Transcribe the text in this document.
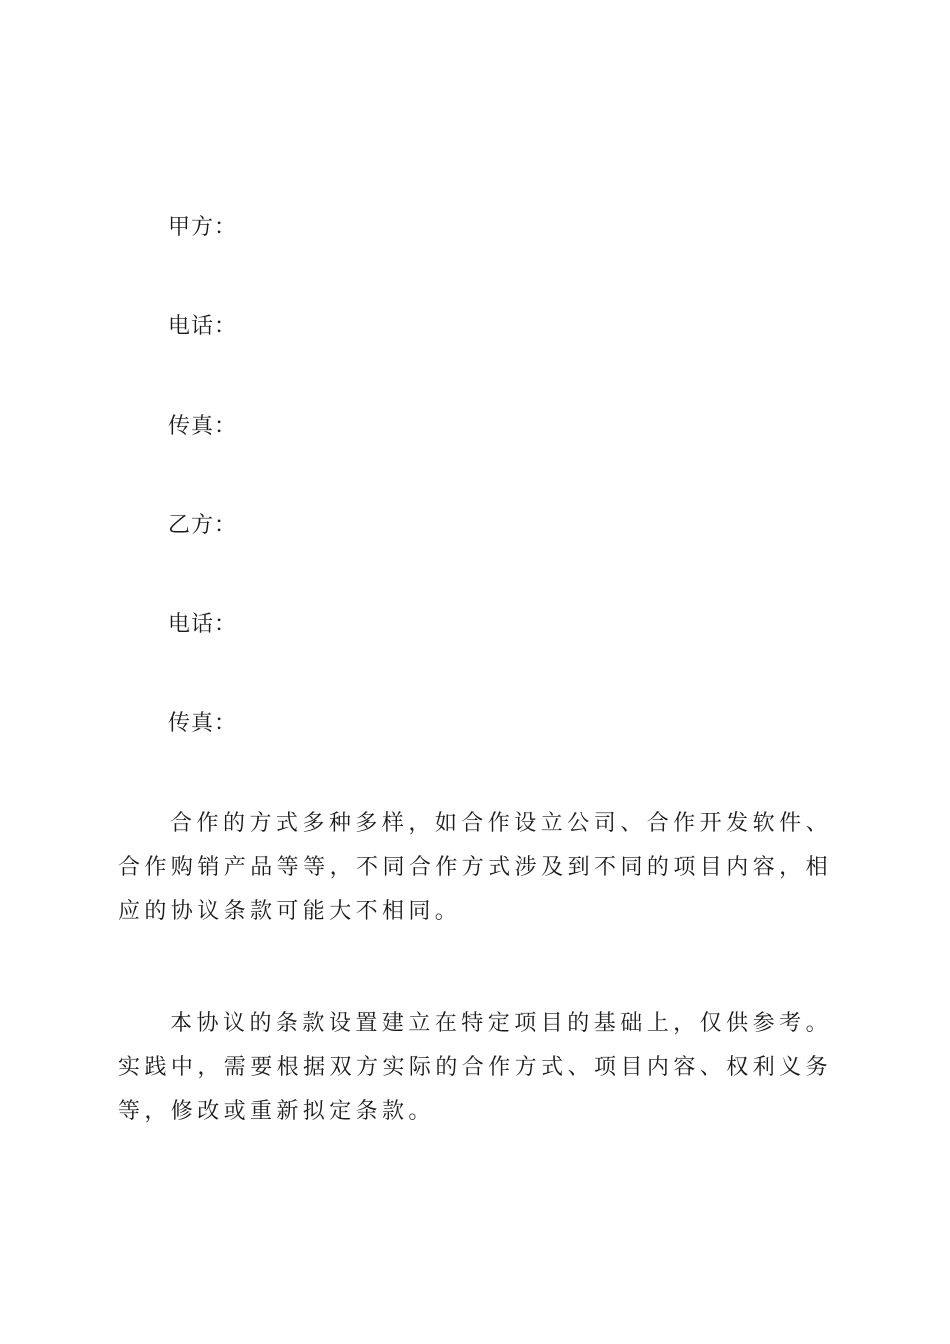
甲方：
电话：
传真：
乙方：
电话：
传真：

合作的方式多种多样，如合作设立公司、合作开发软件、合作购销产品等等，不同合作方式涉及到不同的项目内容，相应的协议条款可能大不相同。

本协议的条款设置建立在特定项目的基础上，仅供参考。实践中，需要根据双方实际的合作方式、项目内容、权利义务等，修改或重新拟定条款。
